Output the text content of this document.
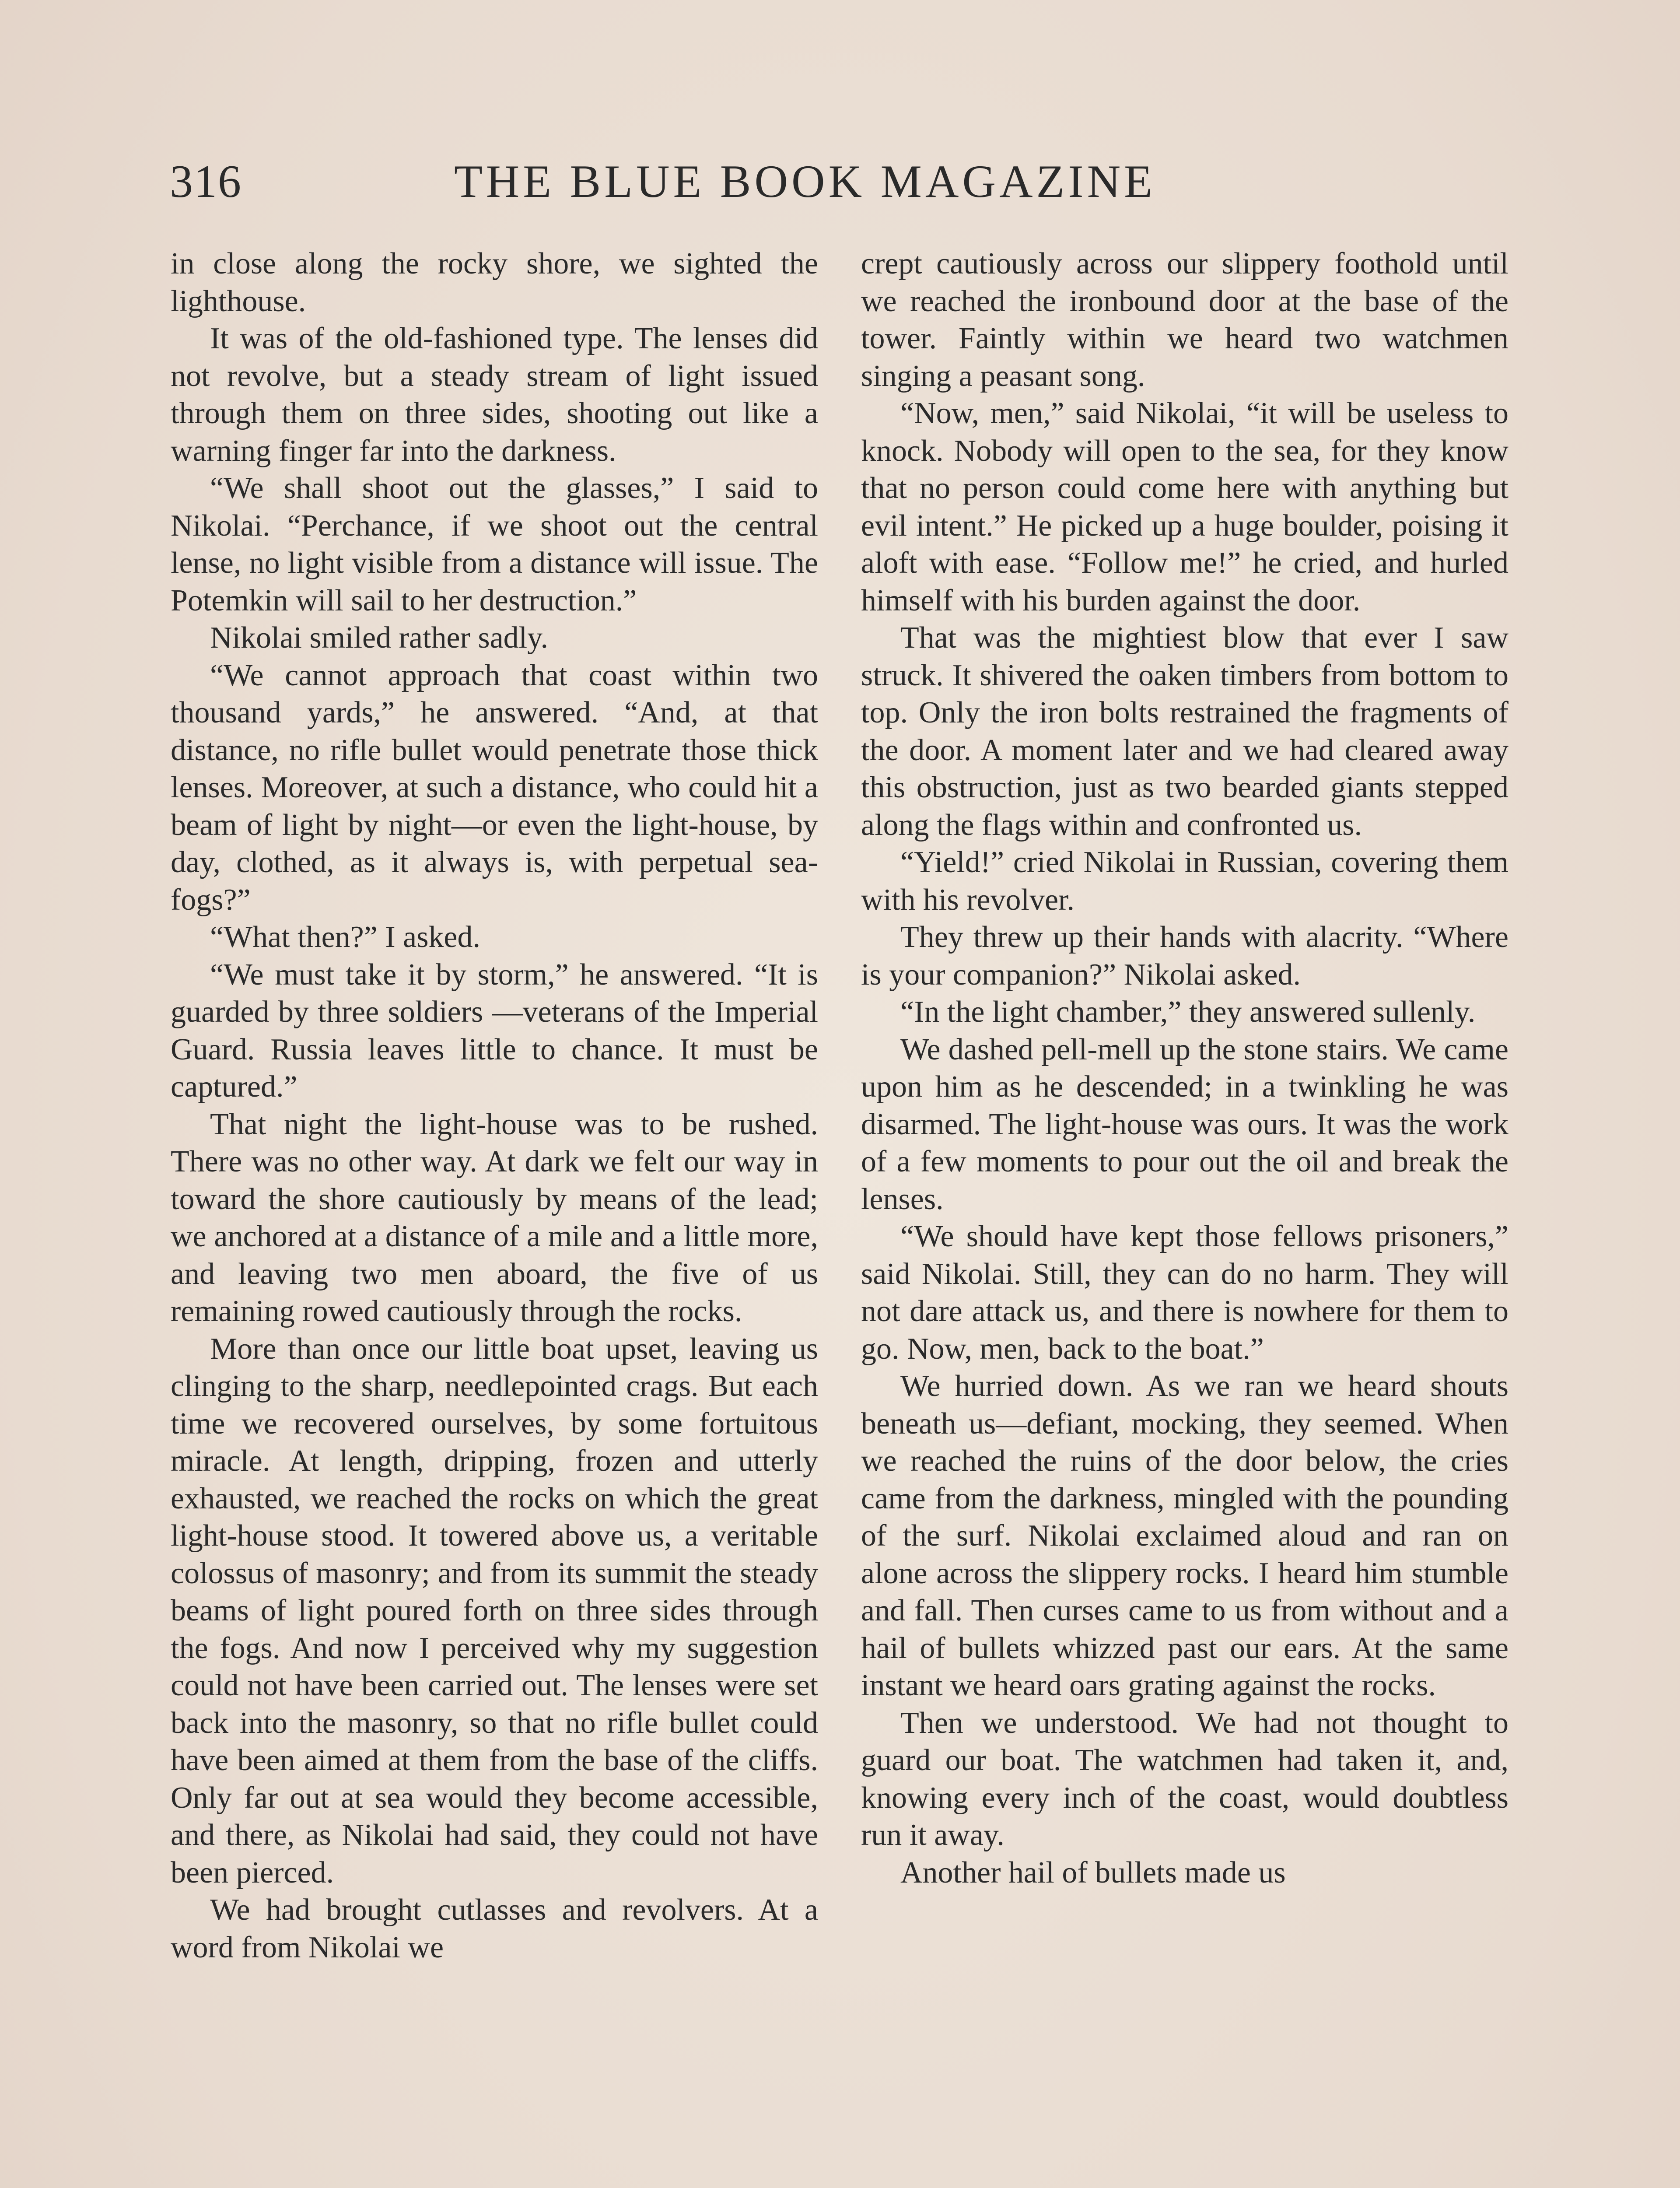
316	THE BLUE BOOK MAGAZINE

in close along the rocky shore, we sighted the lighthouse.

It was of the old-fashioned type. The lenses did not revolve, but a steady stream of light issued through them on three sides, shooting out like a warning finger far into the darkness.

“We shall shoot out the glasses,” I said to Nikolai. “Perchance, if we shoot out the central lense, no light visible from a distance will issue. The Potemkin will sail to her destruction.”

Nikolai smiled rather sadly.

“We cannot approach that coast within two thousand yards,” he answered. “And, at that distance, no rifle bullet would penetrate those thick lenses. Moreover, at such a distance, who could hit a beam of light by night—or even the light-house, by day, clothed, as it always is, with perpetual sea-fogs?”

“What then?” I asked.

“We must take it by storm,” he answered. “It is guarded by three soldiers —veterans of the Imperial Guard. Russia leaves little to chance. It must be captured.”

That night the light-house was to be rushed. There was no other way. At dark we felt our way in toward the shore cautiously by means of the lead; we anchored at a distance of a mile and a little more, and leaving two men aboard, the five of us remaining rowed cautiously through the rocks.

More than once our little boat upset, leaving us clinging to the sharp, needlepointed crags. But each time we recovered ourselves, by some fortuitous miracle. At length, dripping, frozen and utterly exhausted, we reached the rocks on which the great light-house stood. It towered above us, a veritable colossus of masonry; and from its summit the steady beams of light poured forth on three sides through the fogs. And now I perceived why my suggestion could not have been carried out. The lenses were set back into the masonry, so that no rifle bullet could have been aimed at them from the base of the cliffs. Only far out at sea would they become accessible, and there, as Nikolai had said, they could not have been pierced.

We had brought cutlasses and revolvers. At a word from Nikolai we

crept cautiously across our slippery foothold until we reached the ironbound door at the base of the tower. Faintly within we heard two watchmen singing a peasant song.

“Now, men,” said Nikolai, “it will be useless to knock. Nobody will open to the sea, for they know that no person could come here with anything but evil intent.” He picked up a huge boulder, poising it aloft with ease. “Follow me!” he cried, and hurled himself with his burden against the door.

That was the mightiest blow that ever I saw struck. It shivered the oaken timbers from bottom to top. Only the iron bolts restrained the fragments of the door. A moment later and we had cleared away this obstruction, just as two bearded giants stepped along the flags within and confronted us.

“Yield!” cried Nikolai in Russian, covering them with his revolver.

They threw up their hands with alacrity. “Where is your companion?” Nikolai asked.

“In the light chamber,” they answered sullenly.

We dashed pell-mell up the stone stairs. We came upon him as he descended; in a twinkling he was disarmed. The light-house was ours. It was the work of a few moments to pour out the oil and break the lenses.

“We should have kept those fellows prisoners,” said Nikolai. Still, they can do no harm. They will not dare attack us, and there is nowhere for them to go. Now, men, back to the boat.”

We hurried down. As we ran we heard shouts beneath us—defiant, mocking, they seemed. When we reached the ruins of the door below, the cries came from the darkness, mingled with the pounding of the surf. Nikolai exclaimed aloud and ran on alone across the slippery rocks. I heard him stumble and fall. Then curses came to us from without and a hail of bullets whizzed past our ears. At the same instant we heard oars grating against the rocks.

Then we understood. We had not thought to guard our boat. The watchmen had taken it, and, knowing every inch of the coast, would doubtless run it away.

Another hail of bullets made us
